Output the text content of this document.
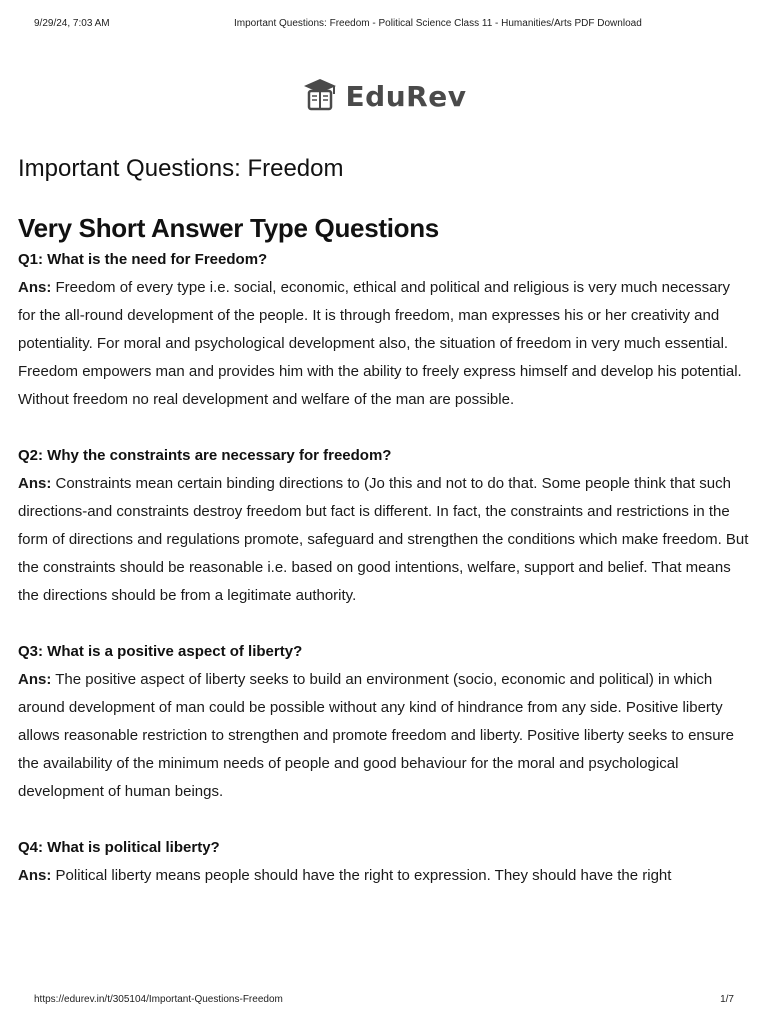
9/29/24, 7:03 AM	Important Questions: Freedom - Political Science Class 11 - Humanities/Arts PDF Download
EduRev
Important Questions: Freedom
Very Short Answer Type Questions

Q1: What is the need for Freedom?

Ans: Freedom of every type i.e. social, economic, ethical and political and religious is very much necessary for the all-round development of the people. It is through freedom, man expresses his or her creativity and potentiality. For moral and psychological development also, the situation of freedom in very much essential. Freedom empowers man and provides him with the ability to freely express himself and develop his potential. Without freedom no real development and welfare of the man are possible.

Q2: Why the constraints are necessary for freedom?

Ans: Constraints mean certain binding directions to (Jo this and not to do that. Some people think that such directions-and constraints destroy freedom but fact is different. In fact, the constraints and restrictions in the form of directions and regulations promote, safeguard and strengthen the conditions which make freedom. But the constraints should be reasonable i.e. based on good intentions, welfare, support and belief. That means the directions should be from a legitimate authority.

Q3: What is a positive aspect of liberty?

Ans: The positive aspect of liberty seeks to build an environment (socio, economic and political) in which around development of man could be possible without any kind of hindrance from any side. Positive liberty allows reasonable restriction to strengthen and promote freedom and liberty. Positive liberty seeks to ensure the availability of the minimum needs of people and good behaviour for the moral and psychological development of human beings.

Q4: What is political liberty?

Ans: Political liberty means people should have the right to expression. They should have the right

https://edurev.in/t/305104/Important-Questions-Freedom	1/7
